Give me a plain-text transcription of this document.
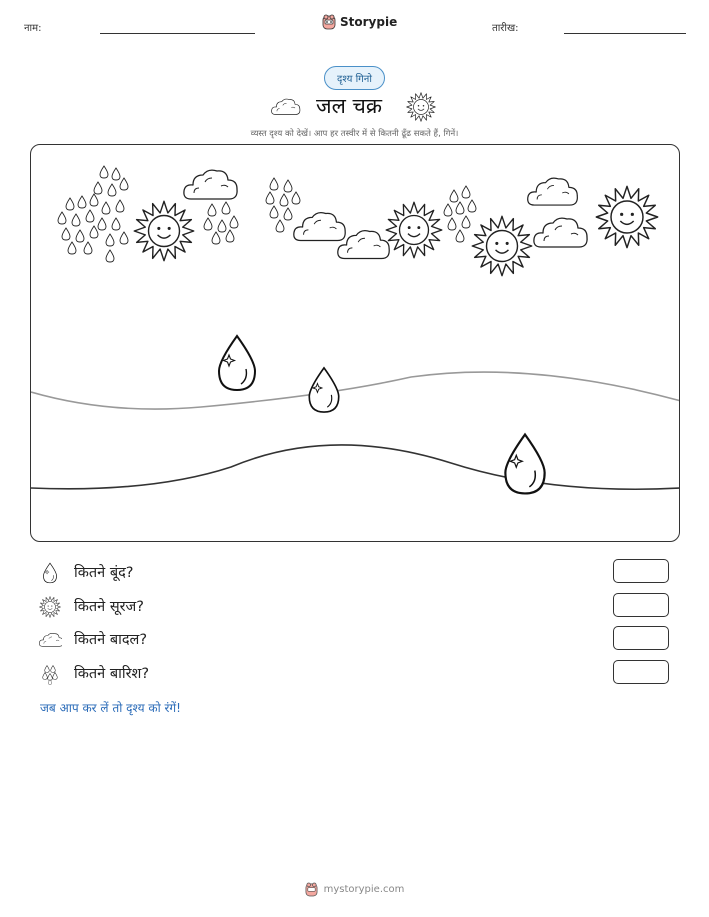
नाम:	Storypie	तारीख:
दृश्य गिनो
जल चक्र
व्यस्त दृश्य को देखें। आप हर तस्वीर में से कितनी ढूँढ सकते हैं, गिनें।
कितने बूंद?
कितने सूरज?
कितने बादल?
कितने बारिश?
जब आप कर लें तो दृश्य को रंगें!
mystorypie.com
